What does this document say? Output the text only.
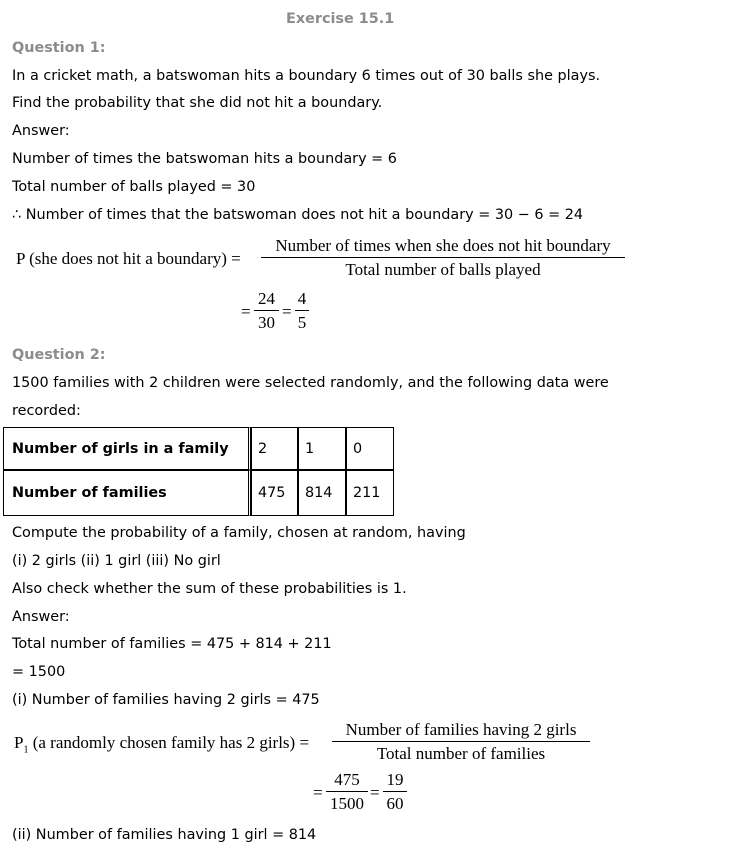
Exercise 15.1
Question 1:
In a cricket math, a batswoman hits a boundary 6 times out of 30 balls she plays.
Find the probability that she did not hit a boundary.
Answer:
Number of times the batswoman hits a boundary = 6
Total number of balls played = 30
∴ Number of times that the batswoman does not hit a boundary = 30 − 6 = 24
P (she does not hit a boundary) =
Number of times when she does not hit boundary
Total number of balls played
= $\frac{24}{30} = \frac{4}{5}$
Question 2:
1500 families with 2 children were selected randomly, and the following data were
recorded:
Number of girls in a family	2	1	0
Number of families	475	814	211
Compute the probability of a family, chosen at random, having
(i) 2 girls (ii) 1 girl (iii) No girl
Also check whether the sum of these probabilities is 1.
Answer:
Total number of families = 475 + 814 + 211
= 1500
(i) Number of families having 2 girls = 475
$P_1$ (a randomly chosen family has 2 girls) =
Number of families having 2 girls
Total number of families
= $\frac{475}{1500} = \frac{19}{60}$
(ii) Number of families having 1 girl = 814
